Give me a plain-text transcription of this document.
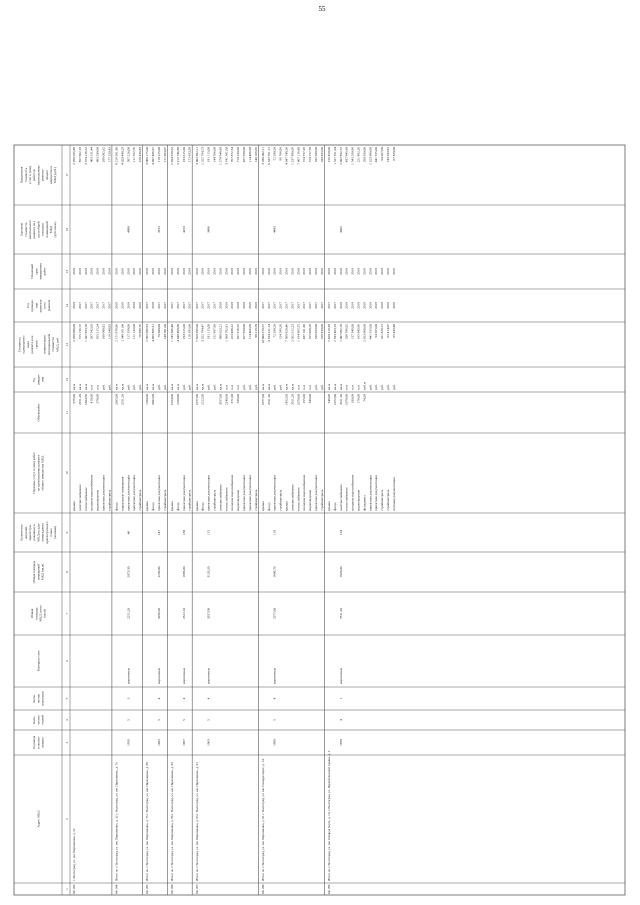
55
Адрес МКД
Год ввода в эксплу- атацию
Коли- чество этажей
Коли- чество подъездов
Материал стен
Общая площадь МКД, всего (кв.м)
Общая площадь помещений МКД (кв.м)
Количество жителей, зарегистри- рованных в МКД на дату утверждения краткосрочного плана (человек)
Перечень услуг и (или) работ по капитальному ремонту общего имущества МКД
Объем работ
Ед. измере- ния
Стоимость однородного вида ремонта и ее сроки компенсации потенциальной стоимости МКД, руб.
Год проведе- ния капиталь- ного ремонта
Плановый срок завершения работ
Удельная стоимость капитального ремонта на 1 кв.м общей площади помещений МКД (руб./кв.м.)
Предельная стоимость услуг и (или) работ по капитальному ремонту общего имущества в МКД (руб.)
1
2
3
4
5
6
7
8
9
10
11
12
13
14
15
16
17
64.163.
г. Волгоград, ул. им. Пархоменко, д. 32
крыша
976,00
кв.м
2 298 000,00
2018
2018
2 298 285,88
электроснабжение
2251,20
кв.м
725 156,72
2017
2018
857 662,18
теплоснабжение
1804,50
кв.м
1 307 653,70
2017
2018
3 574 126,52
холодное водоснабжение
410,00
п.м
207 542,03
2017
2018
463 311,44
водоотведение
378,00
п.м
555 215,24
2017
2018
803 280,00
проектная документация
руб.
109 080,92
2017
2018
209 082,92
стройконтроль
руб.
118 340,93
2017
2018
177 250,43
64.164.
Итого по г. Волгоград, ул. им. Пархоменко, д. 32 г. Волгоград, ул. им. Пархоменко, д. 76
1959
5
3
кирпичные
2251,20
2073,50
46
4888
фасад
2305,00
кв.м
2 171 976,96
2019
2019
8 219 561,80
подвальные помещения
2251,20
кв.м
1 548 011,06
2019
2019
4 020 440,29
проектная документация
руб.
117 350,00
2018
2019
397 226,00
проектная документация
руб.
111 133,00
2018
2019
111 552,76
стройконтроль
руб.
76 986,76
2019
2019
229 430,83
64.165.
Итого по г. Волгоград, ул. им. Пархоменко, д. 76 г. Волгоград, ул. им. Пархоменко, д. 89
1962
5
4
кирпичные
3296,20
2236,00
147
3252
крыша
1100,00
кв.м
2 395 686,93
2017
2018
3 066 175,00
фасад
2002,00
кв.м
4 905 866,51
2018
2019
4 907 406,92
проектная документация
руб.
79 000,00
2017
2018
118 225,08
стройконтроль
руб.
148 581,00
2017
2018
171 983,07
64.166.
Итого по г. Волгоград, ул. им. Пархоменко, д. 89 г. Волгоград, ул. им. Пархоменко, д. 93
1967
5
4
кирпичные
2522,10
1685,00
138
4253
крыша
1024,00
кв.м
1 745 306,40
2017
2018
2 854 328,32
фасад
2100,00
кв.м
4 640 468,80
2017
2018
5 212 746,80
проектная документация
руб.
183 015,00
2017
2018
183 015,00
стройконтроль
руб.
116 395,00
2017
2018
172 653,39
64.167.
Итого по г. Волгоград, ул. им. Пархоменко, д. 93 г. Волгоград, ул. им. Пархоменко, д. 91
1963
5
4
кирпичные
3357,00
3120,20
115
3496
крыша
1077,00
кв.м
7 620 399,00
2017
2018
3 002 962,11
фасад
2122,00
кв.м
3 322 794,47
2017
2018
2 322 794,73
проектная документация
руб.
181 115,00
2017
2018
181 115,00
стройконтроль
руб.
151 997,90
2017
2018
144 766,08
электроснабжение
3357,00
кв.м
889 023,21
2018
2018
1 278 949,98
теплоснабжение
2240,00
п.м
1 500 782,81
2018
2018
3 741 561,00
холодное водоснабжение
371,00
п.м
223 488,22
2018
2018
767 872,54
водоотведение
338,00
п.м
267 616,55
2018
2018
718 230,00
проектная документация
руб.
427 650,00
2018
2018
427 650,00
проектная документация
руб.
114 466,00
2019
2019
114 466,00
стройконтроль
руб.
86 219,70
2019
2019
140 169,65
64.168.
Итого по г. Волгоград, ул. им. Пархоменко, д. 91 г. Волгоград, ул. им. Рихарда Зорге, д. 1А
1960
5
4
кирпичные
2577,00
1680,70
110
4483
крыша
1077,00
кв.м
10 000 278,57
2017
2018
3 280 002,11
фасад
2551,20
кв.м
4 534 221,14
2017
2018
6 532 761,71
проектная документация
руб.
72 280,50
2017
2018
72 280,50
стройконтроль
руб.
154 599,39
2017
2018
99 766,90
крыша
1452,00
кв.м
7 569 820,46
2017
2018
4 047 748,56
электроснабжение
3511,20
кв.м
2 022 312,23
2017
2018
1 237 890,59
теплоснабжение
1070,00
п.м
1 194 965,55
2017
2018
7 667 116,80
холодное водоснабжение
255,00
п.м
437 101,66
2017
2018
724 757,26
водоотведение
340,00
п.м
255 990,28
2017
2018
724 757,70
проектная документация
руб.
536 653,00
2017
2018
532 500,00
стройконтроль
руб.
199 950,00
2017
2018
330 833,00
64.169.
Итого по г. Волгоград, ул. им. Рихарда Зорге, д. 1А г. Волгоград, ул. Первой Конной Армии, д. 2
1958
4
1
кирпичные
3511,20
1826,00
134
3902
крыша
548,00
кв.м
7 420 318,38
2017
2018
159 450,00
фасад
1072,00
кв.м
2 533 463,18
2017
2018
1 527 811,64
электроснабжение
3511,20
кв.м
1 007 082,70
2018
2018
2 607 982,72
теплоснабжение
1070,00
п.м
336 769,62
2018
2018
437 845,60
холодное водоснабжение
180,00
п.м
137 349,00
2018
2018
1 543 290,96
водоотведение
176,00
п.м
165 843,96
2018
2018
221 962,26
фундамент
74,30
куб.м
2 623 660,00
2019
2019
290 590,00
проектная документация
руб.
441 555,00
2018
2018
2 523 660,00
проектная документация
руб.
94 265,00
2019
2019
441 555,00
стройконтроль
руб.
101 828,15
2018
2018
94 267,00
стройконтроль
руб.
65 414,67
2019
2019
143 583,95
итоговая документация
руб.
65 439,40
2019
2019
67 828,00
